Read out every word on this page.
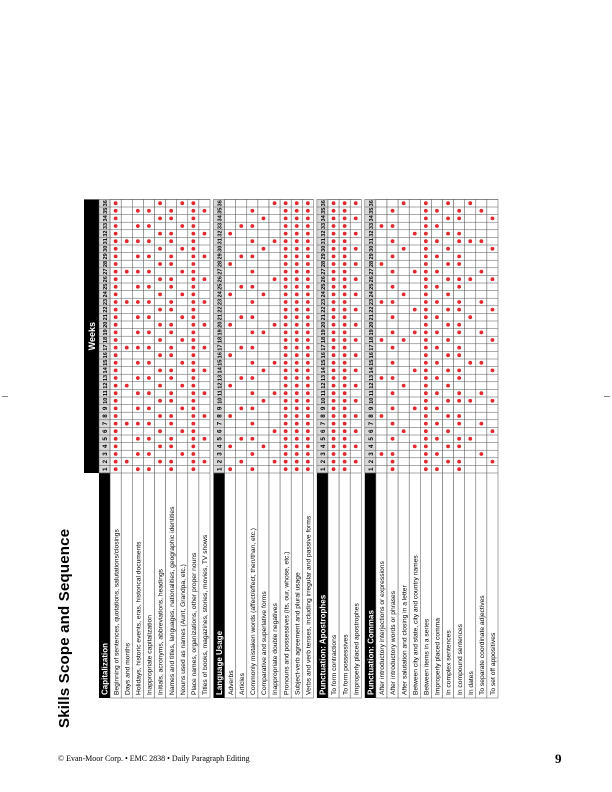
Skills Scope and Sequence
Weeks
Capitalization
1
2
3
4
5
6
7
8
9
10
11
12
13
14
15
16
17
18
19
20
21
22
23
24
25
26
27
28
29
30
31
32
33
34
35
36
Beginning of sentences, quotations, salutations/closings Days and months Holidays, historic events, eras, historical documents Inappropriate capitalization Initials, acronyms, abbreviations, headings Names and titles, languages, nationalities, geographic identities Nouns used as names (Aunt, Grandpa, etc.) Place names, organizations, other proper nouns Titles of books, magazines, stories, movies, TV shows Language Usage
1
2
3
4
5
6
7
8
9
10
11
12
13
14
15
16
17
18
19
20
21
22
23
24
25
26
27
28
29
30
31
32
33
34
35
36
Adverbs Articles Commonly mistaken words (affect/effect, then/than, etc.) Comparative and superlative forms Inappropriate double negatives Pronouns and possessives (its, our, whose, etc.) Subject-verb agreement and plural usage Verbs and verb tenses, including irregular and passive forms Punctuation: Apostrophes
1
2
3
4
5
6
7
8
9
10
11
12
13
14
15
16
17
18
19
20
21
22
23
24
25
26
27
28
29
30
31
32
33
34
35
36
To form contractions To form possessives Improperly placed apostrophes Punctuation: Commas
1
2
3
4
5
6
7
8
9
10
11
12
13
14
15
16
17
18
19
20
21
22
23
24
25
26
27
28
29
30
31
32
33
34
35
36
After introductory interjections or expressions After introductory words or phrases After salutation and closing in a letter Between city and state, city and country names Between items in a series Improperly placed comma In complex sentences In compound sentences In dates To separate coordinate adjectives To set off appositives
© Evan-Moor Corp. • EMC 2838 • Daily Paragraph Editing	9
